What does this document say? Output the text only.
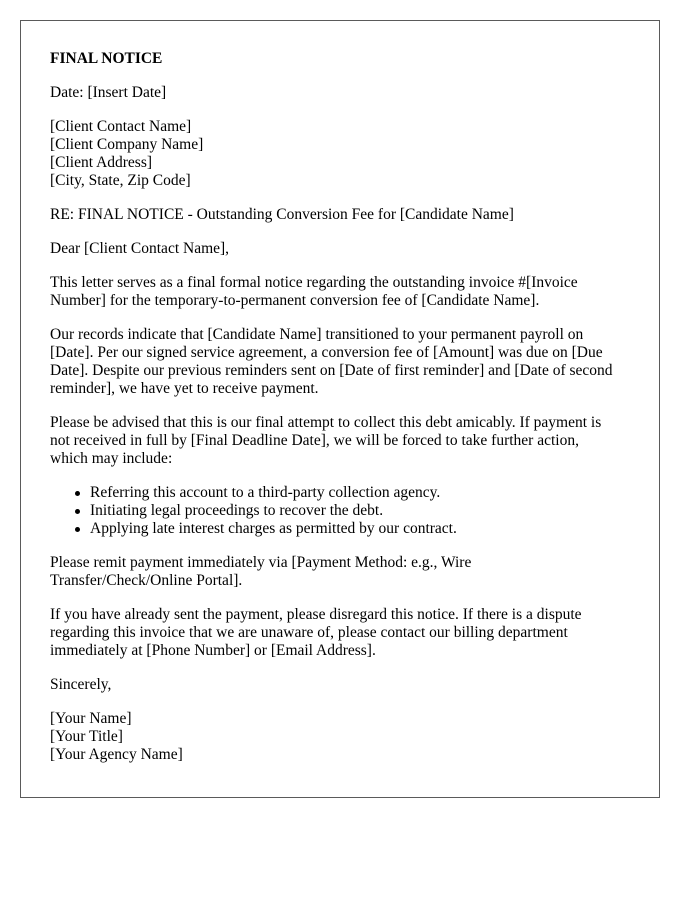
FINAL NOTICE
Date: [Insert Date]
[Client Contact Name]
[Client Company Name]
[Client Address]
[City, State, Zip Code]
RE: FINAL NOTICE - Outstanding Conversion Fee for [Candidate Name]
Dear [Client Contact Name],

This letter serves as a final formal notice regarding the outstanding invoice #[Invoice
Number] for the temporary-to-permanent conversion fee of [Candidate Name].

Our records indicate that [Candidate Name] transitioned to your permanent payroll on
[Date]. Per our signed service agreement, a conversion fee of [Amount] was due on [Due
Date]. Despite our previous reminders sent on [Date of first reminder] and [Date of second
reminder], we have yet to receive payment.

Please be advised that this is our final attempt to collect this debt amicably. If payment is
not received in full by [Final Deadline Date], we will be forced to take further action,
which may include:

Referring this account to a third-party collection agency.
Initiating legal proceedings to recover the debt.
Applying late interest charges as permitted by our contract.

Please remit payment immediately via [Payment Method: e.g., Wire
Transfer/Check/Online Portal].

If you have already sent the payment, please disregard this notice. If there is a dispute
regarding this invoice that we are unaware of, please contact our billing department
immediately at [Phone Number] or [Email Address].

Sincerely,
[Your Name]
[Your Title]
[Your Agency Name]
